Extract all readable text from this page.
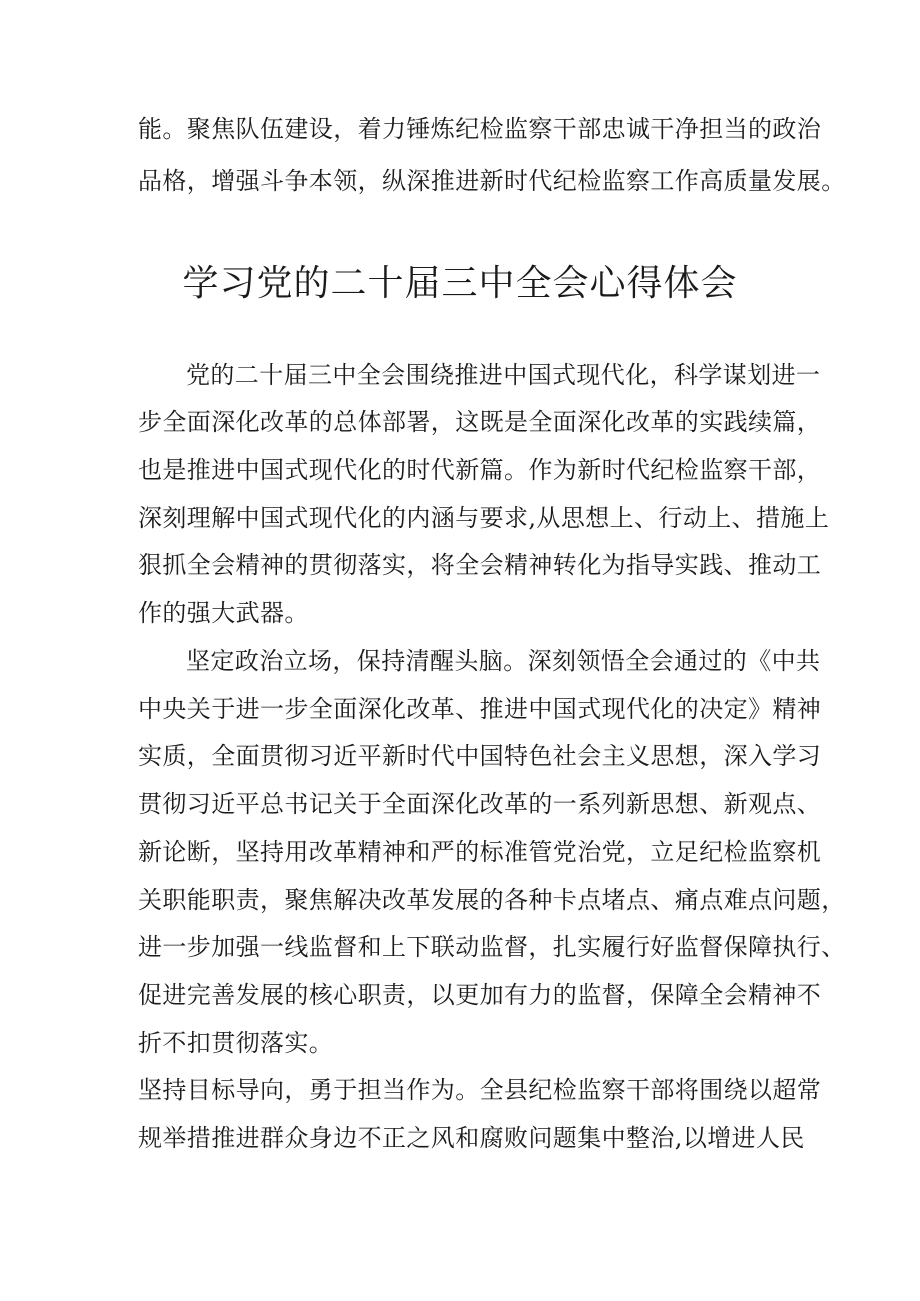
能。聚焦队伍建设，着力锤炼纪检监察干部忠诚干净担当的政治
品格，增强斗争本领，纵深推进新时代纪检监察工作高质量发展。
学习党的二十届三中全会心得体会
党的二十届三中全会围绕推进中国式现代化，科学谋划进一
步全面深化改革的总体部署，这既是全面深化改革的实践续篇，
也是推进中国式现代化的时代新篇。作为新时代纪检监察干部，
深刻理解中国式现代化的内涵与要求,从思想上、行动上、措施上
狠抓全会精神的贯彻落实，将全会精神转化为指导实践、推动工
作的强大武器。
坚定政治立场，保持清醒头脑。深刻领悟全会通过的《中共
中央关于进一步全面深化改革、推进中国式现代化的决定》精神
实质，全面贯彻习近平新时代中国特色社会主义思想，深入学习
贯彻习近平总书记关于全面深化改革的一系列新思想、新观点、
新论断，坚持用改革精神和严的标准管党治党，立足纪检监察机
关职能职责，聚焦解决改革发展的各种卡点堵点、痛点难点问题，
进一步加强一线监督和上下联动监督，扎实履行好监督保障执行、
促进完善发展的核心职责，以更加有力的监督，保障全会精神不
折不扣贯彻落实。
坚持目标导向，勇于担当作为。全县纪检监察干部将围绕以超常
规举措推进群众身边不正之风和腐败问题集中整治,以增进人民
